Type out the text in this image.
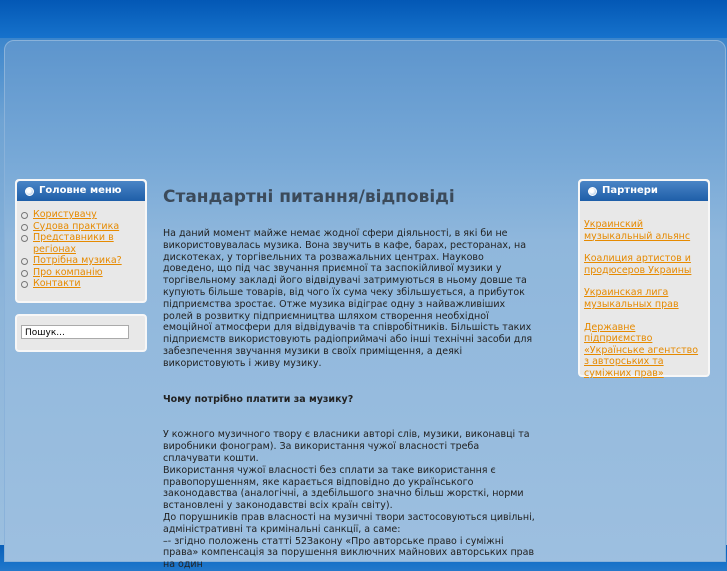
Головне меню
Користувачу
Судова практика
Представники в регіонах
Потрібна музика?
Про компанію
Контакти
Пошук...
Стандартні питання/відповіді

На даний момент майже немає жодної сфери діяльності, в які би не використовувалась музика. Вона звучить в кафе, барах, ресторанах, на дискотеках, у торгівельних та розважальних центрах. Науково доведено, що під час звучання приємної та заспокійливої музики у торгівельному закладі його відвідувачі затримуються в ньому довше та купують більше товарів, від чого їх сума чеку збільшується, а прибуток підприємства зростає. Отже музика відіграє одну з найважливіших ролей в розвитку підприємництва шляхом створення необхідної емоційної атмосфери для відвідувачів та співробітників. Більшість таких підприємств використовують радіоприймачі або інші технічні засоби для забезпечення звучання музики в своїх приміщення, а деякі використовують і живу музику.

Чому потрібно платити за музику?

У кожного музичного твору є власники авторі слів, музики, виконавці та виробники фонограм). За використання чужої власності треба сплачувати кошти.

Використання чужої власності без сплати за таке використання є правопорушенням, яке карається відповідно до українського законодавства (аналогічні, а здебільшого значно більш жорсткі, норми встановлені у законодавстві всіх країн світу).

До порушників прав власності на музичні твори застосовуються цивільні, адміністративні та кримінальні санкції, а саме:

–- згідно положень статті 52Закону «Про авторське право і суміжні права» компенсація за порушення виключних майнових авторських прав на один

Партнери
Украинский музыкальный альянс
Коалиция артистов и продюсеров Украины
Украинская лига музыкальных прав
Державне підприємство «Українське агентство з авторських та суміжних прав»
